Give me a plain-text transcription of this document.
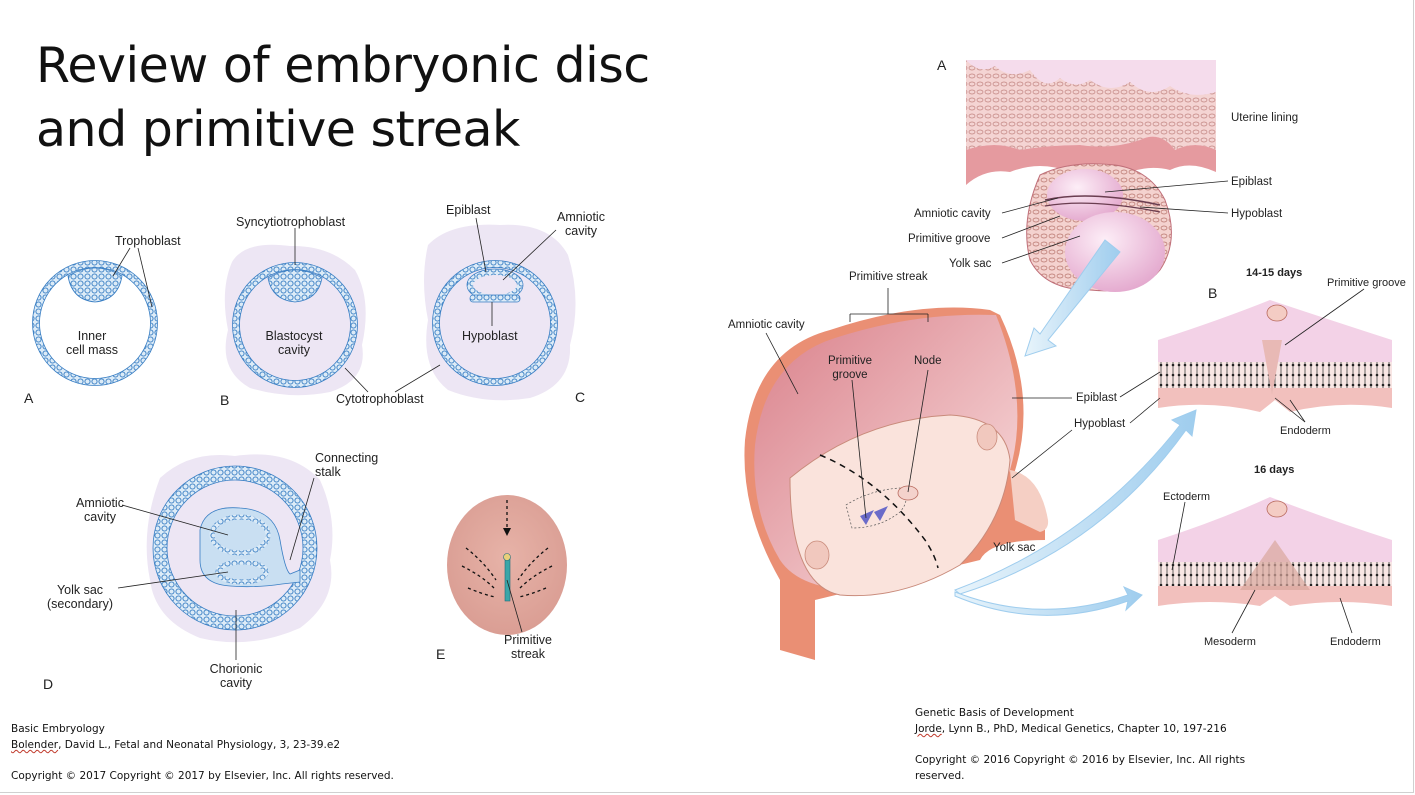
Review of embryonic disc
and primitive streak
Trophoblast
Inner
cell mass
A
Syncytiotrophoblast
Blastocyst
cavity
Cytotrophoblast
B
Epiblast	Amniotic
cavity
Hypoblast
C
Connecting
stalk
Amniotic
cavity
Yolk sac
(secondary)
Chorionic
cavity
D
Primitive
streak
E
A
Uterine lining
Epiblast
Amniotic cavity	Hypoblast
Primitive groove
Yolk sac
Primitive streak
Amniotic cavity
Primitive
groove
Node
Epiblast
Hypoblast
Yolk sac
B
14-15 days
Primitive groove
Endoderm
16 days
Ectoderm
Mesoderm	Endoderm
Basic Embryology
Bolender, David L., Fetal and Neonatal Physiology, 3, 23-39.e2
Copyright © 2017 Copyright © 2017 by Elsevier, Inc. All rights reserved.
Genetic Basis of Development
Jorde, Lynn B., PhD, Medical Genetics, Chapter 10, 197-216
Copyright © 2016 Copyright © 2016 by Elsevier, Inc. All rights
reserved.
